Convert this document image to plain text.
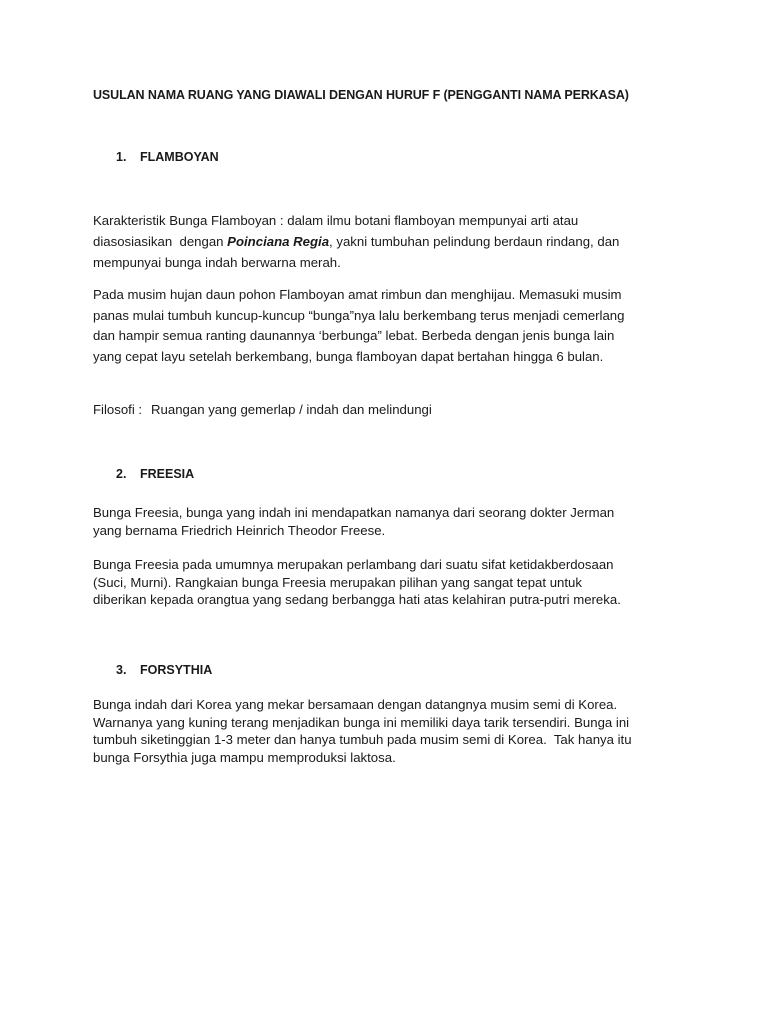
USULAN NAMA RUANG YANG DIAWALI DENGAN HURUF F (PENGGANTI NAMA PERKASA)
1. FLAMBOYAN
Karakteristik Bunga Flamboyan : dalam ilmu botani flamboyan mempunyai arti atau
diasosiasikan  dengan Poinciana Regia, yakni tumbuhan pelindung berdaun rindang, dan
mempunyai bunga indah berwarna merah.
Pada musim hujan daun pohon Flamboyan amat rimbun dan menghijau. Memasuki musim
panas mulai tumbuh kuncup-kuncup “bunga”nya lalu berkembang terus menjadi cemerlang
dan hampir semua ranting daunannya ‘berbunga” lebat. Berbeda dengan jenis bunga lain
yang cepat layu setelah berkembang, bunga flamboyan dapat bertahan hingga 6 bulan.
Filosofi : Ruangan yang gemerlap / indah dan melindungi
2. FREESIA
Bunga Freesia, bunga yang indah ini mendapatkan namanya dari seorang dokter Jerman
yang bernama Friedrich Heinrich Theodor Freese.
Bunga Freesia pada umumnya merupakan perlambang dari suatu sifat ketidakberdosaan
(Suci, Murni). Rangkaian bunga Freesia merupakan pilihan yang sangat tepat untuk
diberikan kepada orangtua yang sedang berbangga hati atas kelahiran putra-putri mereka.
3. FORSYTHIA
Bunga indah dari Korea yang mekar bersamaan dengan datangnya musim semi di Korea.
Warnanya yang kuning terang menjadikan bunga ini memiliki daya tarik tersendiri. Bunga ini
tumbuh siketinggian 1-3 meter dan hanya tumbuh pada musim semi di Korea.  Tak hanya itu
bunga Forsythia juga mampu memproduksi laktosa.
